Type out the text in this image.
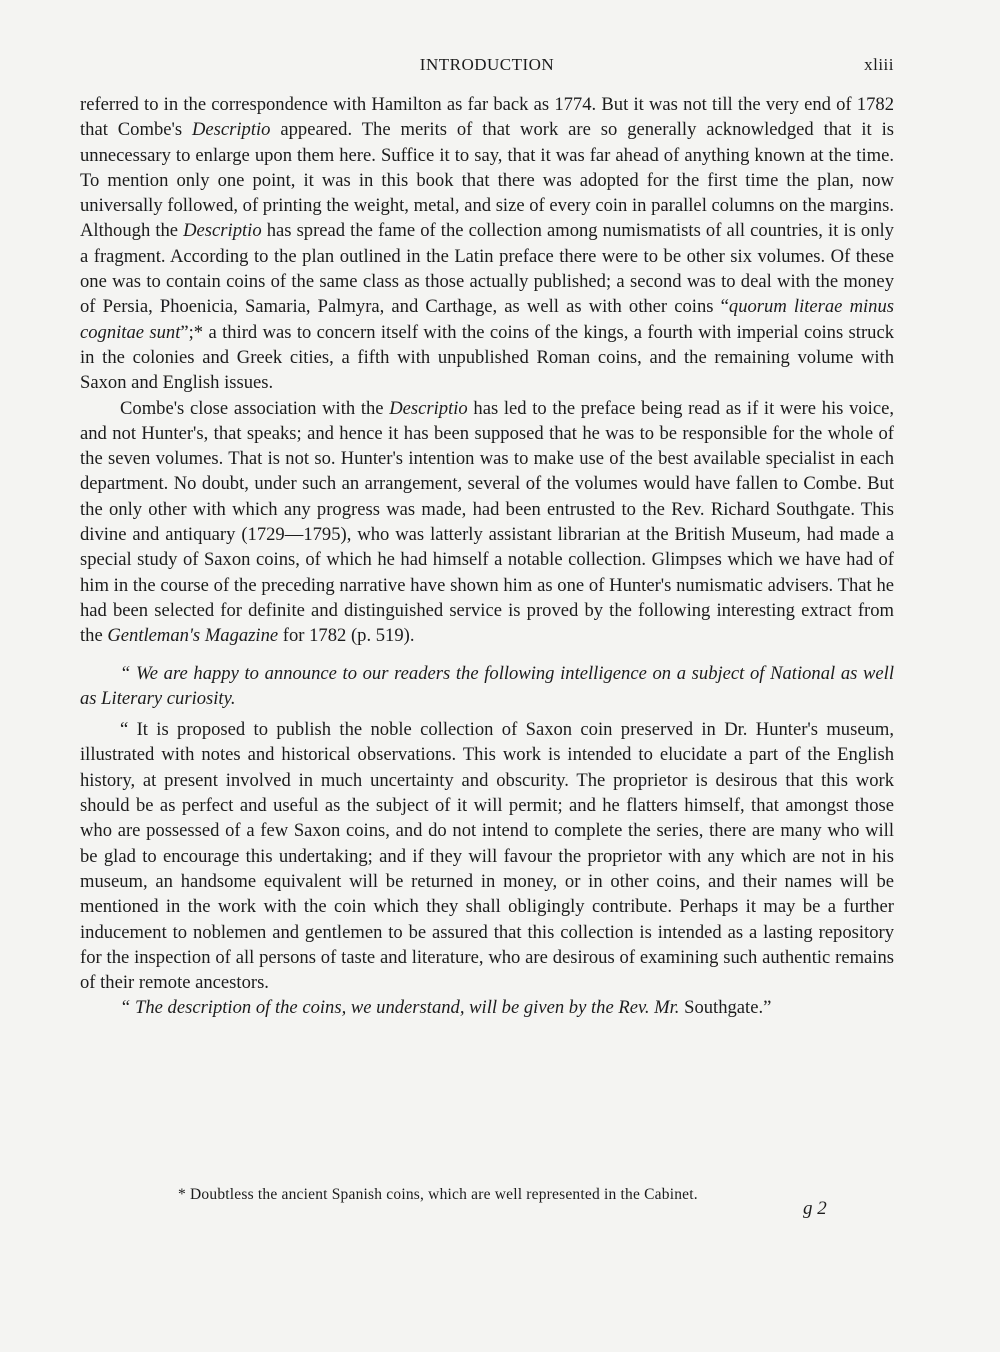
INTRODUCTION	xliii

referred to in the correspondence with Hamilton as far back as 1774. But it was not till the very end of 1782 that Combe's Descriptio appeared. The merits of that work are so generally acknowledged that it is unnecessary to enlarge upon them here. Suffice it to say, that it was far ahead of anything known at the time. To mention only one point, it was in this book that there was adopted for the first time the plan, now universally followed, of printing the weight, metal, and size of every coin in parallel columns on the margins. Although the Descriptio has spread the fame of the collection among numismatists of all countries, it is only a fragment. According to the plan outlined in the Latin preface there were to be other six volumes. Of these one was to contain coins of the same class as those actually published; a second was to deal with the money of Persia, Phoenicia, Samaria, Palmyra, and Carthage, as well as with other coins “quorum literae minus cognitae sunt”;* a third was to concern itself with the coins of the kings, a fourth with imperial coins struck in the colonies and Greek cities, a fifth with unpublished Roman coins, and the remaining volume with Saxon and English issues.

Combe's close association with the Descriptio has led to the preface being read as if it were his voice, and not Hunter's, that speaks; and hence it has been supposed that he was to be responsible for the whole of the seven volumes. That is not so. Hunter's intention was to make use of the best available specialist in each department. No doubt, under such an arrangement, several of the volumes would have fallen to Combe. But the only other with which any progress was made, had been entrusted to the Rev. Richard Southgate. This divine and antiquary (1729—1795), who was latterly assistant librarian at the British Museum, had made a special study of Saxon coins, of which he had himself a notable collection. Glimpses which we have had of him in the course of the preceding narrative have shown him as one of Hunter's numismatic advisers. That he had been selected for definite and distinguished service is proved by the following interesting extract from the Gentleman's Magazine for 1782 (p. 519).

“ We are happy to announce to our readers the following intelligence on a subject of National as well as Literary curiosity.

“ It is proposed to publish the noble collection of Saxon coin preserved in Dr. Hunter's museum, illustrated with notes and historical observations. This work is intended to elucidate a part of the English history, at present involved in much uncertainty and obscurity. The proprietor is desirous that this work should be as perfect and useful as the subject of it will permit; and he flatters himself, that amongst those who are possessed of a few Saxon coins, and do not intend to complete the series, there are many who will be glad to encourage this undertaking; and if they will favour the proprietor with any which are not in his museum, an handsome equivalent will be returned in money, or in other coins, and their names will be mentioned in the work with the coin which they shall obligingly contribute. Perhaps it may be a further inducement to noblemen and gentlemen to be assured that this collection is intended as a lasting repository for the inspection of all persons of taste and literature, who are desirous of examining such authentic remains of their remote ancestors.

“ The description of the coins, we understand, will be given by the Rev. Mr. Southgate.”

* Doubtless the ancient Spanish coins, which are well represented in the Cabinet.
g 2
